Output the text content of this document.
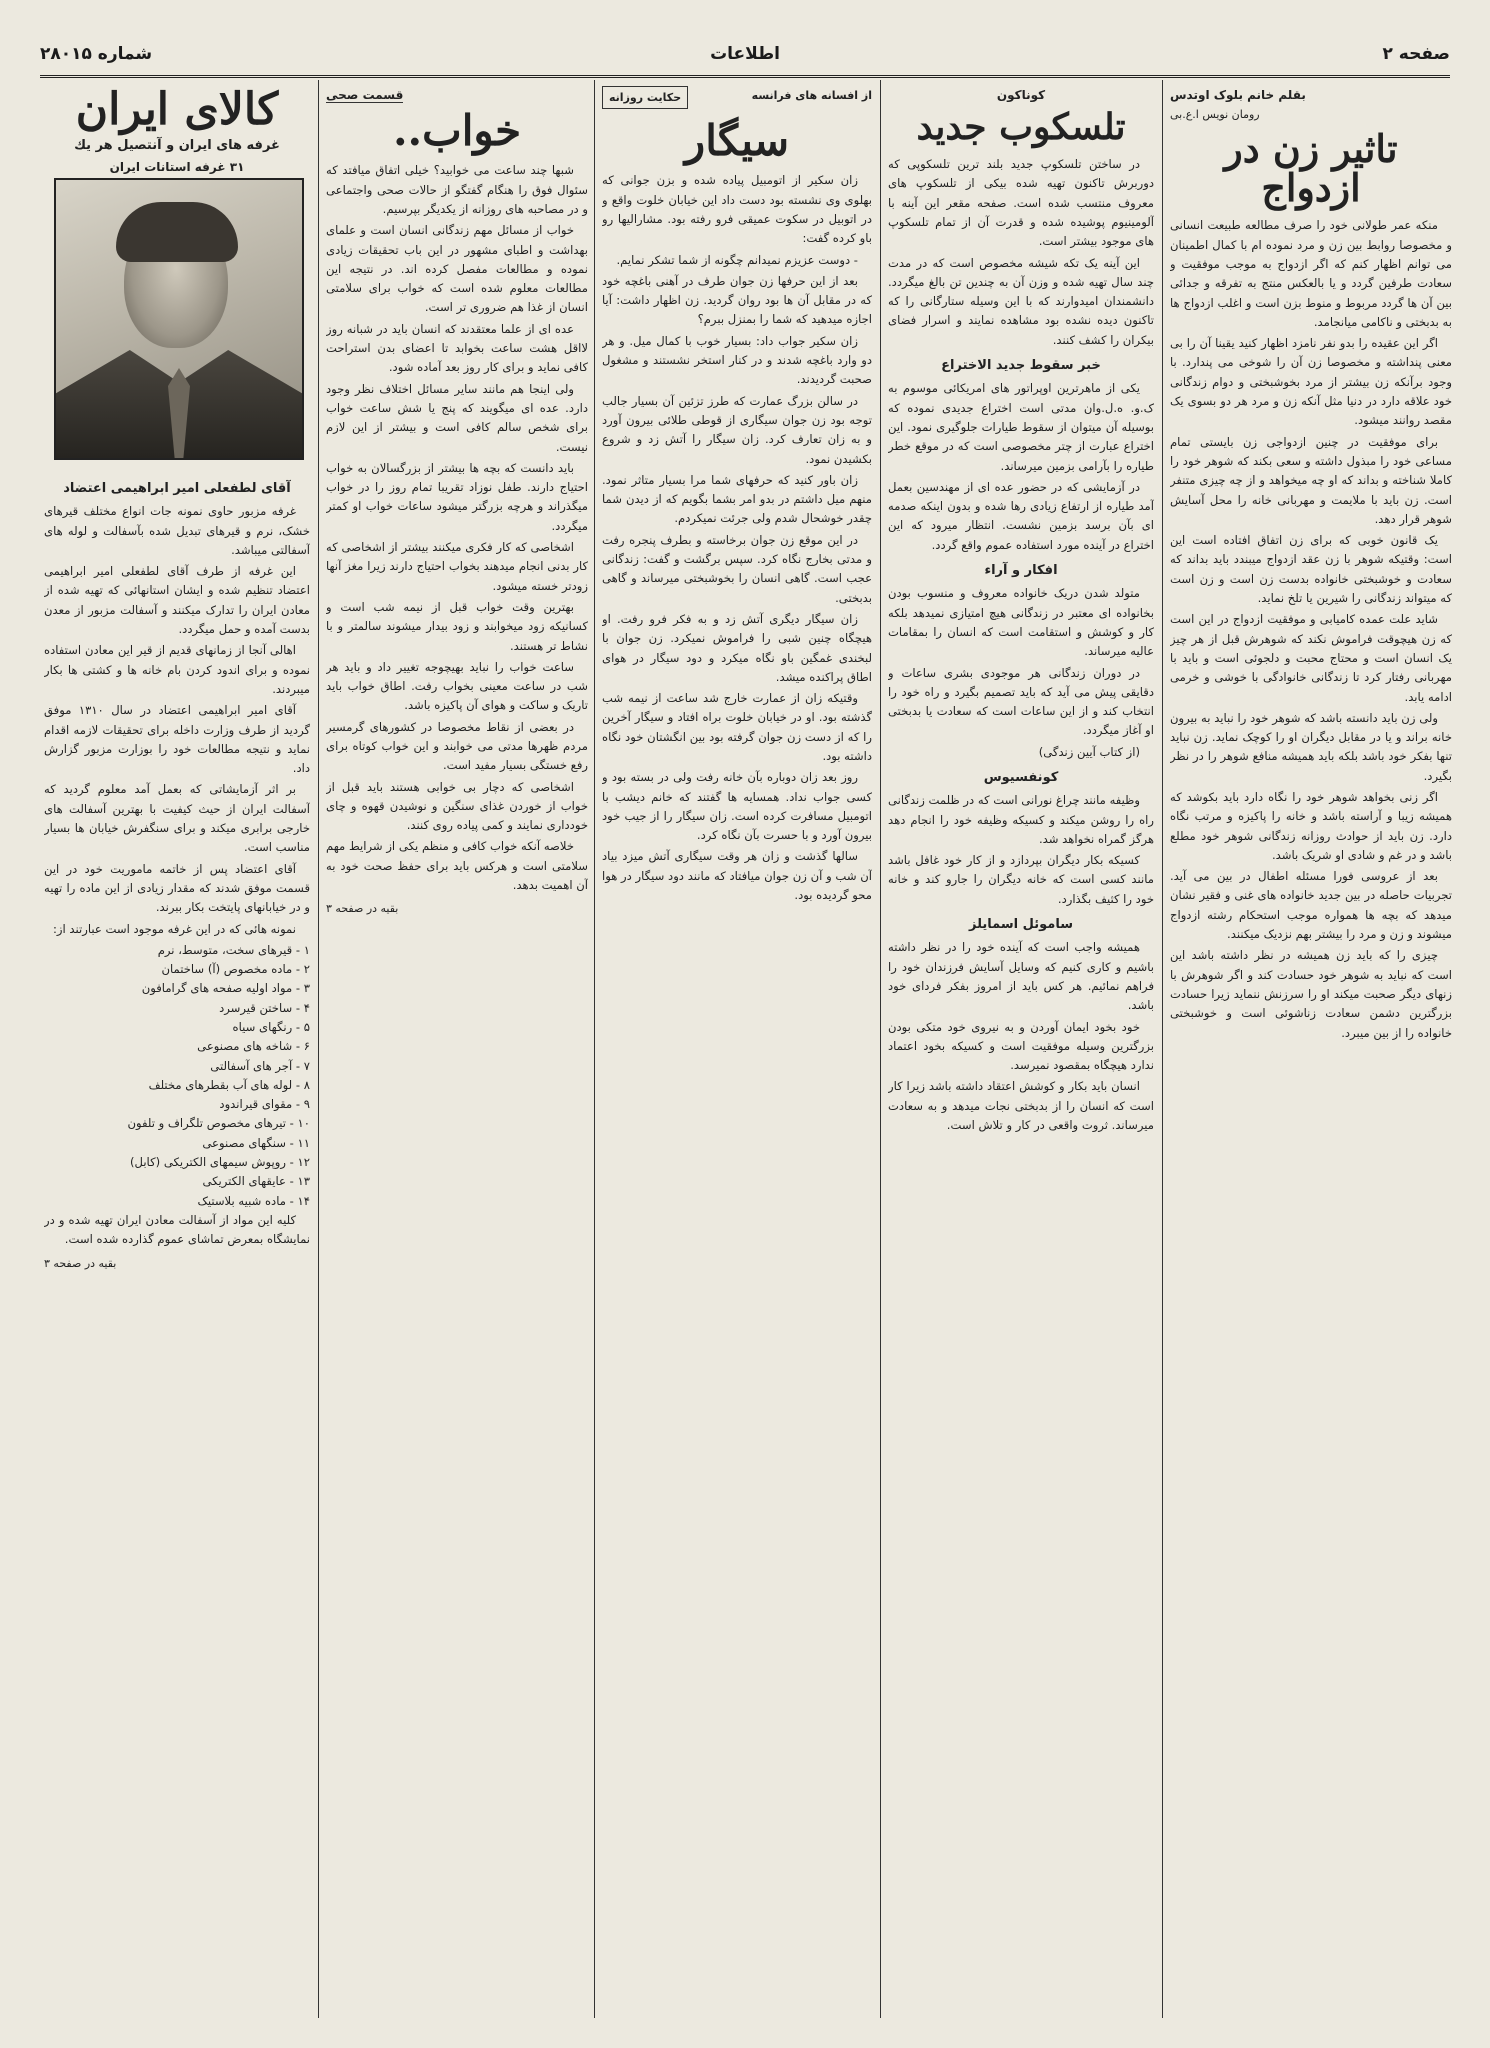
شماره ۲۸۰۱۵	اطلاعات	صفحه ۲
بقلم خانم بلوک اوتدس
رومان نویس ا.ع.بی
تاثیر زن در ازدواج

منکه عمر طولانی خود را صرف مطالعه طبیعت انسانی و مخصوصا روابط بین زن و مرد نموده ام با کمال اطمینان می توانم اظهار کنم که اگر ازدواج به موجب موفقیت و سعادت طرفین گردد و یا بالعکس منتج به تفرقه و جدائی بین آن ها گردد مربوط و منوط بزن است و اغلب ازدواج ها به بدبختی و ناکامی میانجامد.

اگر این عقیده را بدو نفر نامزد اظهار کنید یقینا آن را بی معنی پنداشته و مخصوصا زن آن را شوخی می پندارد. با وجود برآنکه زن بیشتر از مرد بخوشبختی و دوام زندگانی خود علاقه دارد در دنیا مثل آنکه زن و مرد هر دو بسوی یک مقصد روانند میشود.

برای موفقیت در چنین ازدواجی زن بایستی تمام مساعی خود را مبذول داشته و سعی بکند که شوهر خود را کاملا شناخته و بداند که او چه میخواهد و از چه چیزی متنفر است. زن باید با ملایمت و مهربانی خانه را محل آسایش شوهر قرار دهد.

یک قانون خوبی که برای زن اتفاق افتاده است این است: وقتیکه شوهر با زن عقد ازدواج میبندد باید بداند که سعادت و خوشبختی خانواده بدست زن است و زن است که میتواند زندگانی را شیرین یا تلخ نماید.

شاید علت عمده کامیابی و موفقیت ازدواج در این است که زن هیچوقت فراموش نکند که شوهرش قبل از هر چیز یک انسان است و محتاج محبت و دلجوئی است و باید با مهربانی رفتار کرد تا زندگانی خانوادگی با خوشی و خرمی ادامه یابد.

ولی زن باید دانسته باشد که شوهر خود را نباید به بیرون خانه براند و یا در مقابل دیگران او را کوچک نماید. زن نباید تنها بفکر خود باشد بلکه باید همیشه منافع شوهر را در نظر بگیرد.

اگر زنی بخواهد شوهر خود را نگاه دارد باید بکوشد که همیشه زیبا و آراسته باشد و خانه را پاکیزه و مرتب نگاه دارد. زن باید از حوادث روزانه زندگانی شوهر خود مطلع باشد و در غم و شادی او شریک باشد.

بعد از عروسی فورا مسئله اطفال در بین می آید. تجربیات حاصله در بین جدید خانواده های غنی و فقیر نشان میدهد که بچه ها همواره موجب استحکام رشته ازدواج میشوند و زن و مرد را بیشتر بهم نزدیک میکنند.

چیزی را که باید زن همیشه در نظر داشته باشد این است که نباید به شوهر خود حسادت کند و اگر شوهرش با زنهای دیگر صحبت میکند او را سرزنش ننماید زیرا حسادت بزرگترین دشمن سعادت زناشوئی است و خوشبختی خانواده را از بین میبرد.

کوناکون
تلسکوب جدید

در ساختن تلسکوپ جدید بلند ترین تلسکوپی که دوربرش تاکنون تهیه شده بیکی از تلسکوپ های معروف منتسب شده است. صفحه مقعر این آینه با آلومینیوم پوشیده شده و قدرت آن از تمام تلسکوپ های موجود بیشتر است.

این آینه یک تکه شیشه مخصوص است که در مدت چند سال تهیه شده و وزن آن به چندین تن بالغ میگردد. دانشمندان امیدوارند که با این وسیله ستارگانی را که تاکنون دیده نشده بود مشاهده نمایند و اسرار فضای بیکران را کشف کنند.

خبر سقوط جدید الاختراع

یکی از ماهرترین اوپراتور های امریکائی موسوم به ک.و. ه.ل.وان مدتی است اختراع جدیدی نموده که بوسیله آن میتوان از سقوط طیارات جلوگیری نمود. این اختراع عبارت از چتر مخصوصی است که در موقع خطر طیاره را بآرامی بزمین میرساند.

در آزمایشی که در حضور عده ای از مهندسین بعمل آمد طیاره از ارتفاع زیادی رها شده و بدون اینکه صدمه ای بآن برسد بزمین نشست. انتظار میرود که این اختراع در آینده مورد استفاده عموم واقع گردد.

افکار و آراء

متولد شدن دریک خانواده معروف و منسوب بودن بخانواده ای معتبر در زندگانی هیچ امتیازی نمیدهد بلکه کار و کوشش و استقامت است که انسان را بمقامات عالیه میرساند.

در دوران زندگانی هر موجودی بشری ساعات و دقایقی پیش می آید که باید تصمیم بگیرد و راه خود را انتخاب کند و از این ساعات است که سعادت یا بدبختی او آغاز میگردد.

(از کتاب آیین زندگی)

کونفسیوس

وظیفه مانند چراغ نورانی است که در ظلمت زندگانی راه را روشن میکند و کسیکه وظیفه خود را انجام دهد هرگز گمراه نخواهد شد.

کسیکه بکار دیگران بپردازد و از کار خود غافل باشد مانند کسی است که خانه دیگران را جارو کند و خانه خود را کثیف بگذارد.

ساموئل اسمایلز

همیشه واجب است که آینده خود را در نظر داشته باشیم و کاری کنیم که وسایل آسایش فرزندان خود را فراهم نمائیم. هر کس باید از امروز بفکر فردای خود باشد.

خود بخود ایمان آوردن و به نیروی خود متکی بودن بزرگترین وسیله موفقیت است و کسیکه بخود اعتماد ندارد هیچگاه بمقصود نمیرسد.

انسان باید بکار و کوشش اعتقاد داشته باشد زیرا کار است که انسان را از بدبختی نجات میدهد و به سعادت میرساند. ثروت واقعی در کار و تلاش است.

از افسانه های فرانسه
حکایت روزانه
سیگار

زان سکیر از اتومبیل پیاده شده و بزن جوانی که بهلوی وی نشسته بود دست داد این خیابان خلوت واقع و در اتوبیل در سکوت عمیقی فرو رفته بود. مشارالیها رو باو کرده گفت:

- دوست عزیزم نمیدانم چگونه از شما تشکر نمایم.

بعد از این حرفها زن جوان طرف در آهنی باغچه خود که در مقابل آن ها بود روان گردید. زن اظهار داشت: آیا اجازه میدهید که شما را بمنزل ببرم؟

زان سکیر جواب داد: بسیار خوب با کمال میل. و هر دو وارد باغچه شدند و در کنار استخر نشستند و مشغول صحبت گردیدند.

در سالن بزرگ عمارت که طرز تزئین آن بسیار جالب توجه بود زن جوان سیگاری از قوطی طلائی بیرون آورد و به زان تعارف کرد. زان سیگار را آتش زد و شروع بکشیدن نمود.

زان باور کنید که حرفهای شما مرا بسیار متاثر نمود. منهم میل داشتم در بدو امر بشما بگویم که از دیدن شما چقدر خوشحال شدم ولی جرئت نمیکردم.

در این موقع زن جوان برخاسته و بطرف پنجره رفت و مدتی بخارج نگاه کرد. سپس برگشت و گفت: زندگانی عجب است. گاهی انسان را بخوشبختی میرساند و گاهی بدبختی.

زان سیگار دیگری آتش زد و به فکر فرو رفت. او هیچگاه چنین شبی را فراموش نمیکرد. زن جوان با لبخندی غمگین باو نگاه میکرد و دود سیگار در هوای اطاق پراکنده میشد.

وقتیکه زان از عمارت خارج شد ساعت از نیمه شب گذشته بود. او در خیابان خلوت براه افتاد و سیگار آخرین را که از دست زن جوان گرفته بود بین انگشتان خود نگاه داشته بود.

روز بعد زان دوباره بآن خانه رفت ولی در بسته بود و کسی جواب نداد. همسایه ها گفتند که خانم دیشب با اتومبیل مسافرت کرده است. زان سیگار را از جیب خود بیرون آورد و با حسرت بآن نگاه کرد.

سالها گذشت و زان هر وقت سیگاری آتش میزد بیاد آن شب و آن زن جوان میافتاد که مانند دود سیگار در هوا محو گردیده بود.

قسمت صحی
خواب..

شبها چند ساعت می خوابید؟ خیلی اتفاق میافتد که سئوال فوق را هنگام گفتگو از حالات صحی واجتماعی و در مصاحبه های روزانه از یکدیگر بپرسیم.

خواب از مسائل مهم زندگانی انسان است و علمای بهداشت و اطبای مشهور در این باب تحقیقات زیادی نموده و مطالعات مفصل کرده اند. در نتیجه این مطالعات معلوم شده است که خواب برای سلامتی انسان از غذا هم ضروری تر است.

عده ای از علما معتقدند که انسان باید در شبانه روز لااقل هشت ساعت بخوابد تا اعضای بدن استراحت کافی نماید و برای کار روز بعد آماده شود.

ولی اینجا هم مانند سایر مسائل اختلاف نظر وجود دارد. عده ای میگویند که پنج یا شش ساعت خواب برای شخص سالم کافی است و بیشتر از این لازم نیست.

باید دانست که بچه ها بیشتر از بزرگسالان به خواب احتیاج دارند. طفل نوزاد تقریبا تمام روز را در خواب میگذراند و هرچه بزرگتر میشود ساعات خواب او کمتر میگردد.

اشخاصی که کار فکری میکنند بیشتر از اشخاصی که کار بدنی انجام میدهند بخواب احتیاج دارند زیرا مغز آنها زودتر خسته میشود.

بهترین وقت خواب قبل از نیمه شب است و کسانیکه زود میخوابند و زود بیدار میشوند سالمتر و با نشاط تر هستند.

ساعت خواب را نباید بهیچوجه تغییر داد و باید هر شب در ساعت معینی بخواب رفت. اطاق خواب باید تاریک و ساکت و هوای آن پاکیزه باشد.

در بعضی از نقاط مخصوصا در کشورهای گرمسیر مردم ظهرها مدتی می خوابند و این خواب کوتاه برای رفع خستگی بسیار مفید است.

اشخاصی که دچار بی خوابی هستند باید قبل از خواب از خوردن غذای سنگین و نوشیدن قهوه و چای خودداری نمایند و کمی پیاده روی کنند.

خلاصه آنکه خواب کافی و منظم یکی از شرایط مهم سلامتی است و هرکس باید برای حفظ صحت خود به آن اهمیت بدهد.

بقیه در صفحه ۳
کالای ایران
غرفه های ایران و آنتصیل هر یك
۳۱ غرفه استانات ایران
آقای لطفعلی امیر ابراهیمی اعتضاد

غرفه مزبور حاوی نمونه جات انواع مختلف قیرهای خشک، نرم و قیرهای تبدیل شده بآسفالت و لوله های آسفالتی میباشد.

این غرفه از طرف آقای لطفعلی امیر ابراهیمی اعتضاد تنظیم شده و ایشان استانهائی که تهیه شده از معادن ایران را تدارک میکنند و آسفالت مزبور از معدن بدست آمده و حمل میگردد.

اهالی آنجا از زمانهای قدیم از قیر این معادن استفاده نموده و برای اندود کردن بام خانه ها و کشتی ها بکار میبردند.

آقای امیر ابراهیمی اعتضاد در سال ۱۳۱۰ موفق گردید از طرف وزارت داخله برای تحقیقات لازمه اقدام نماید و نتیجه مطالعات خود را بوزارت مزبور گزارش داد.

بر اثر آزمایشاتی که بعمل آمد معلوم گردید که آسفالت ایران از حیث کیفیت با بهترین آسفالت های خارجی برابری میکند و برای سنگفرش خیابان ها بسیار مناسب است.

آقای اعتضاد پس از خاتمه ماموریت خود در این قسمت موفق شدند که مقدار زیادی از این ماده را تهیه و در خیابانهای پایتخت بکار ببرند.

نمونه هائی که در این غرفه موجود است عبارتند از:

۱ - قیرهای سخت، متوسط، نرم
۲ - ماده مخصوص (آ) ساختمان
۳ - مواد اولیه صفحه های گرامافون
۴ - ساختن قیرسرد
۵ - رنگهای سیاه
۶ - شاخه های مصنوعی
۷ - آجر های آسفالتی
۸ - لوله های آب بقطرهای مختلف
۹ - مقوای قیراندود
۱۰ - تیرهای مخصوص تلگراف و تلفون
۱۱ - سنگهای مصنوعی
۱۲ - روپوش سیمهای الکتریکی (کابل)
۱۳ - عایقهای الکتریکی
۱۴ - ماده شبیه بلاستیک

کلیه این مواد از آسفالت معادن ایران تهیه شده و در نمایشگاه بمعرض تماشای عموم گذارده شده است.

بقیه در صفحه ۳
